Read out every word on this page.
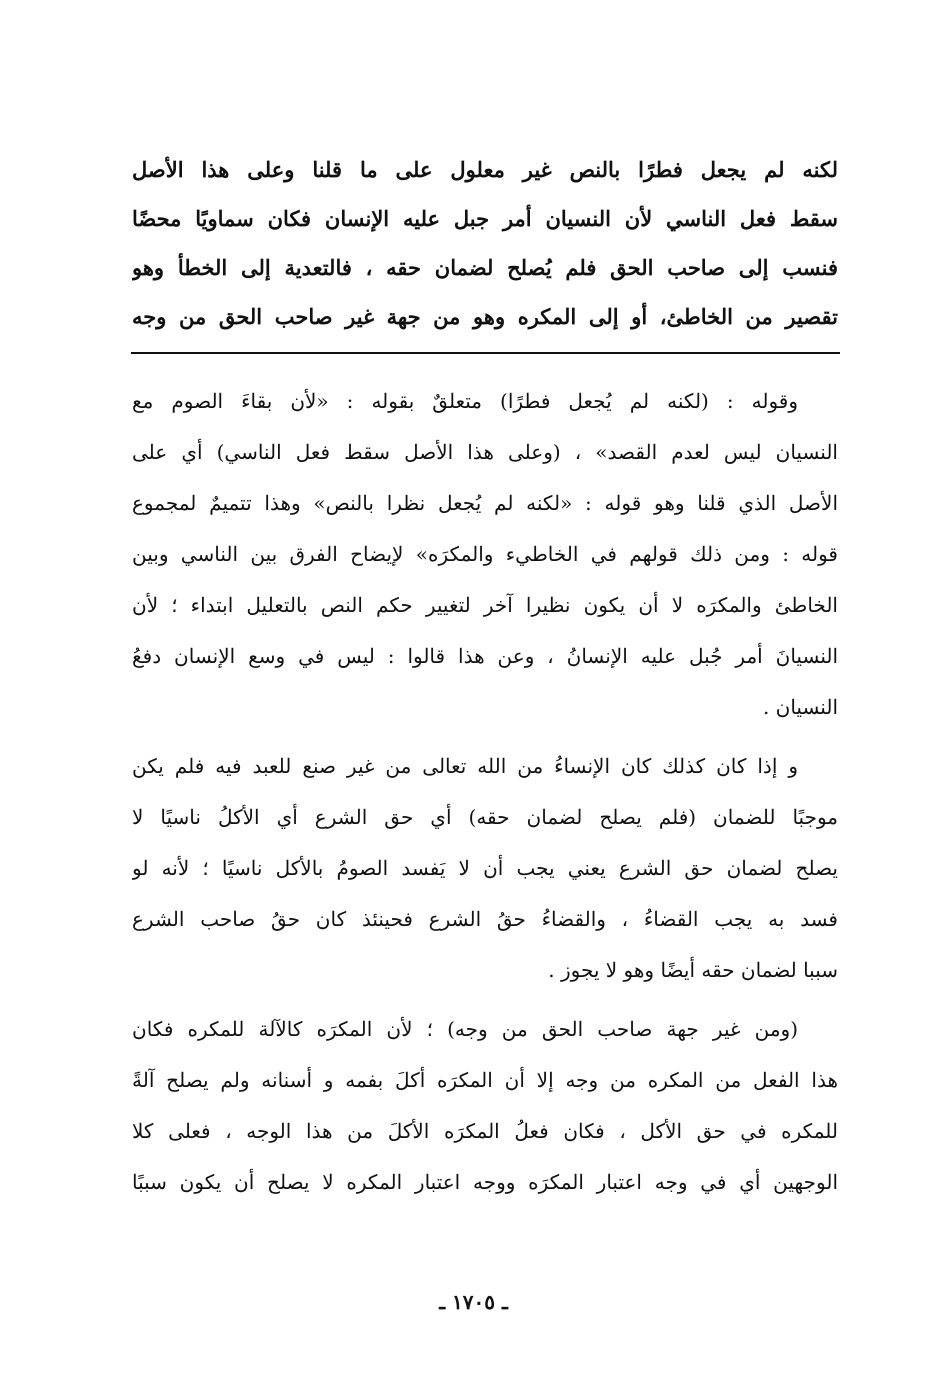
لكنه لم يجعل فطرًا بالنص غير معلول على ما قلنا وعلى هذا الأصل
سقط فعل الناسي لأن النسيان أمر جبل عليه الإنسان فكان سماويًا محضًا
فنسب إلى صاحب الحق فلم يُصلح لضمان حقه ، فالتعدية إلى الخطأ وهو
تقصير من الخاطئ، أو إلى المكره وهو من جهة غير صاحب الحق من وجه
وقوله : (لكنه لم يُجعل فطرًا) متعلقٌ بقوله : «لأن بقاءَ الصوم مع
النسيان ليس لعدم القصد» ، (وعلى هذا الأصل سقط فعل الناسي) أي على
الأصل الذي قلنا وهو قوله : «لكنه لم يُجعل نظرا بالنص» وهذا تتميمٌ لمجموع
قوله : ومن ذلك قولهم في الخاطيء والمكرَه» لإيضاح الفرق بين الناسي وبين
الخاطئ والمكرَه لا أن يكون نظيرا آخر لتغيير حكم النص بالتعليل ابتداء ؛ لأن
النسيانَ أمر جُبل عليه الإنسانُ ، وعن هذا قالوا : ليس في وسع الإنسان دفعُ
النسيان .
و إذا كان كذلك كان الإنساءُ من الله تعالى من غير صنع للعبد فيه فلم يكن
موجبًا للضمان (فلم يصلح لضمان حقه) أي حق الشرع أي الأكلُ ناسيًا لا
يصلح لضمان حق الشرع يعني يجب أن لا يَفسد الصومُ بالأكل ناسيًا ؛ لأنه لو
فسد به يجب القضاءُ ، والقضاءُ حقُ الشرع فحينئذ كان حقُ صاحب الشرع
سببا لضمان حقه أيضًا وهو لا يجوز .
(ومن غير جهة صاحب الحق من وجه) ؛ لأن المكرَه كالآلة للمكره فكان
هذا الفعل من المكره من وجه إلا أن المكرَه أكلَ بفمه و أسنانه ولم يصلح آلةً
للمكره في حق الأكل ، فكان فعلُ المكرَه الأكلَ من هذا الوجه ، فعلى كلا
الوجهين أي في وجه اعتبار المكرَه ووجه اعتبار المكره لا يصلح أن يكون سببًا
ـ ١٧٠٥ ـ
